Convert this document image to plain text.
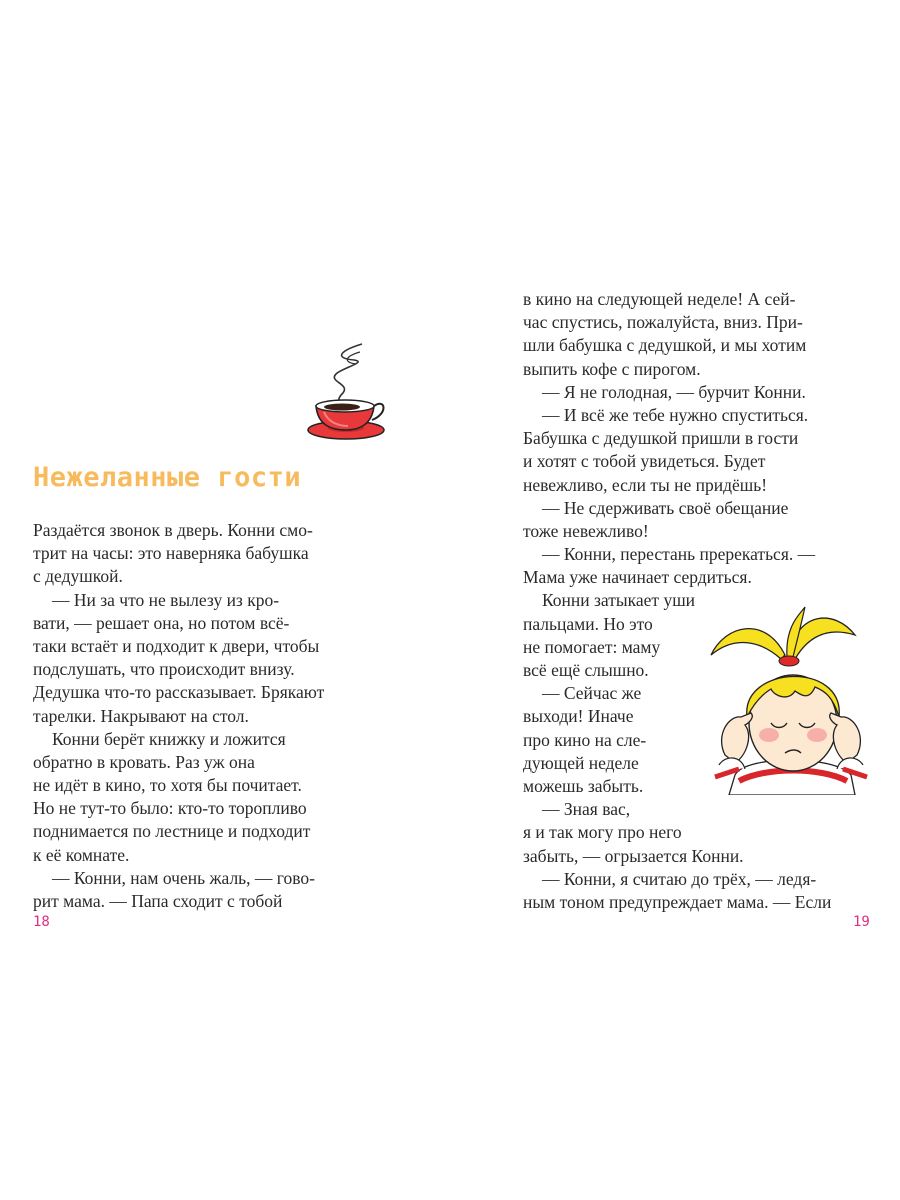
Нежеланные гости
Раздаётся звонок в дверь. Конни смо-
трит на часы: это наверняка бабушка
с дедушкой.
— Ни за что не вылезу из кро-
вати, — решает она, но потом всё-
таки встаёт и подходит к двери, чтобы
подслушать, что происходит внизу.
Дедушка что-то рассказывает. Брякают
тарелки. Накрывают на стол.
Конни берёт книжку и ложится
обратно в кровать. Раз уж она
не идёт в кино, то хотя бы почитает.
Но не тут-то было: кто-то торопливо
поднимается по лестнице и подходит
к её комнате.
— Конни, нам очень жаль, — гово-
рит мама. — Папа сходит с тобой
18
в кино на следующей неделе! А сей-
час спустись, пожалуйста, вниз. При-
шли бабушка с дедушкой, и мы хотим
выпить кофе с пирогом.
— Я не голодная, — бурчит Конни.
— И всё же тебе нужно спуститься.
Бабушка с дедушкой пришли в гости
и хотят с тобой увидеться. Будет
невежливо, если ты не придёшь!
— Не сдерживать своё обещание
тоже невежливо!
— Конни, перестань пререкаться. —
Мама уже начинает сердиться.
Конни затыкает уши
пальцами. Но это
не помогает: маму
всё ещё слышно.
— Сейчас же
выходи! Иначе
про кино на сле-
дующей неделе
можешь забыть.
— Зная вас,
я и так могу про него
забыть, — огрызается Конни.
— Конни, я считаю до трёх, — ледя-
ным тоном предупреждает мама. — Если
19
